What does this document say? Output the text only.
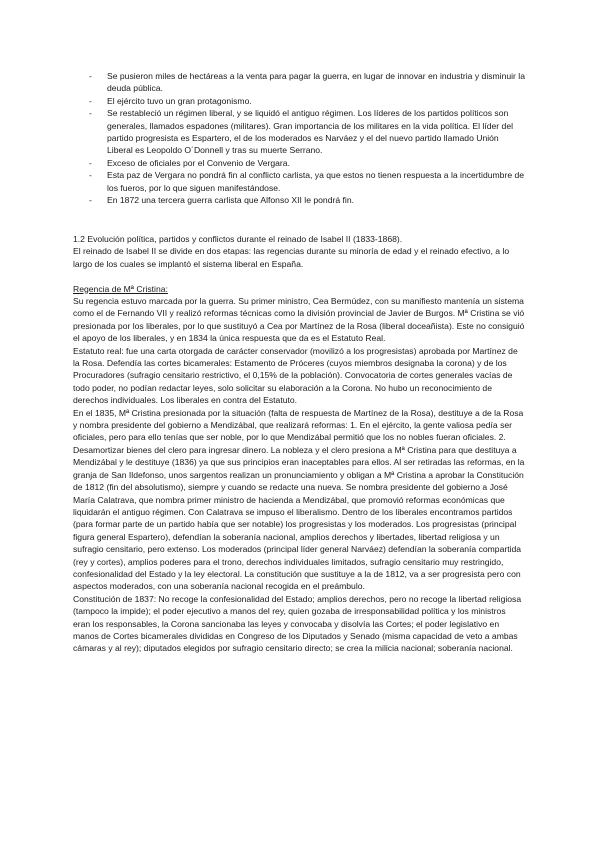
- Se pusieron miles de hectáreas a la venta para pagar la guerra, en lugar de innovar en industria y disminuir la deuda pública.
- El ejército tuvo un gran protagonismo.
- Se restableció un régimen liberal, y se liquidó el antiguo régimen. Los líderes de los partidos políticos son generales, llamados espadones (militares). Gran importancia de los militares en la vida política. El líder del partido progresista es Espartero, el de los moderados es Narváez y el del nuevo partido llamado Unión Liberal es Leopoldo O´Donnell y tras su muerte Serrano.
- Exceso de oficiales por el Convenio de Vergara.
- Esta paz de Vergara no pondrá fin al conflicto carlista, ya que estos no tienen respuesta a la incertidumbre de los fueros, por lo que siguen manifestándose.
- En 1872 una tercera guerra carlista que Alfonso XII le pondrá fin.

1.2 Evolución política, partidos y conflictos durante el reinado de Isabel II (1833-1868).

El reinado de Isabel II se divide en dos etapas: las regencias durante su minoría de edad y el reinado efectivo, a lo largo de los cuales se implantó el sistema liberal en España.

Regencia de Mª Cristina:

Su regencia estuvo marcada por la guerra. Su primer ministro, Cea Bermúdez, con su manifiesto mantenía un sistema como el de Fernando VII y realizó reformas técnicas como la división provincial de Javier de Burgos. Mª Cristina se vió presionada por los liberales, por lo que sustituyó a Cea por Martínez de la Rosa (liberal doceañista). Este no consiguió el apoyo de los liberales, y en 1834 la única respuesta que da es el Estatuto Real.

Estatuto real: fue una carta otorgada de carácter conservador (movilizó a los progresistas) aprobada por Martínez de la Rosa. Defendía las cortes bicamerales: Estamento de Próceres (cuyos miembros designaba la corona) y de los Procuradores (sufragio censitario restrictivo, el 0,15% de la población). Convocatoria de cortes generales vacías de todo poder, no podían redactar leyes, solo solicitar su elaboración a la Corona. No hubo un reconocimiento de derechos individuales. Los liberales en contra del Estatuto.

En el 1835, Mª Cristina presionada por la situación (falta de respuesta de Martínez de la Rosa), destituye a de la Rosa y nombra presidente del gobierno a Mendizábal, que realizará reformas: 1. En el ejército, la gente valiosa pedía ser oficiales, pero para ello tenías que ser noble, por lo que Mendizábal permitió que los no nobles fueran oficiales. 2. Desamortizar bienes del clero para ingresar dinero. La nobleza y el clero presiona a Mª Cristina para que destituya a Mendizábal y le destituye (1836) ya que sus principios eran inaceptables para ellos. Al ser retiradas las reformas, en la granja de San Ildefonso, unos sargentos realizan un pronunciamiento y obligan a Mª Cristina a aprobar la Constitución de 1812 (fin del absolutismo), siempre y cuando se redacte una nueva. Se nombra presidente del gobierno a José María Calatrava, que nombra primer ministro de hacienda a Mendizábal, que promovió reformas económicas que liquidarán el antiguo régimen. Con Calatrava se impuso el liberalismo. Dentro de los liberales encontramos partidos (para formar parte de un partido había que ser notable) los progresistas y los moderados. Los progresistas (principal figura general Espartero), defendían la soberanía nacional, amplios derechos y libertades, libertad religiosa y un sufragio censitario, pero extenso. Los moderados (principal líder general Narváez) defendían la soberanía compartida (rey y cortes), amplios poderes para el trono, derechos individuales limitados, sufragio censitario muy restringido, confesionalidad del Estado y la ley electoral. La constitución que sustituye a la de 1812, va a ser progresista pero con aspectos moderados, con una soberanía nacional recogida en el preámbulo.

Constitución de 1837: No recoge la confesionalidad del Estado; amplios derechos, pero no recoge la libertad religiosa (tampoco la impide); el poder ejecutivo a manos del rey, quien gozaba de irresponsabilidad política y los ministros eran los responsables, la Corona sancionaba las leyes y convocaba y disolvía las Cortes; el poder legislativo en manos de Cortes bicamerales divididas en Congreso de los Diputados y Senado (misma capacidad de veto a ambas cámaras y al rey); diputados elegidos por sufragio censitario directo; se crea la milicia nacional; soberanía nacional.
